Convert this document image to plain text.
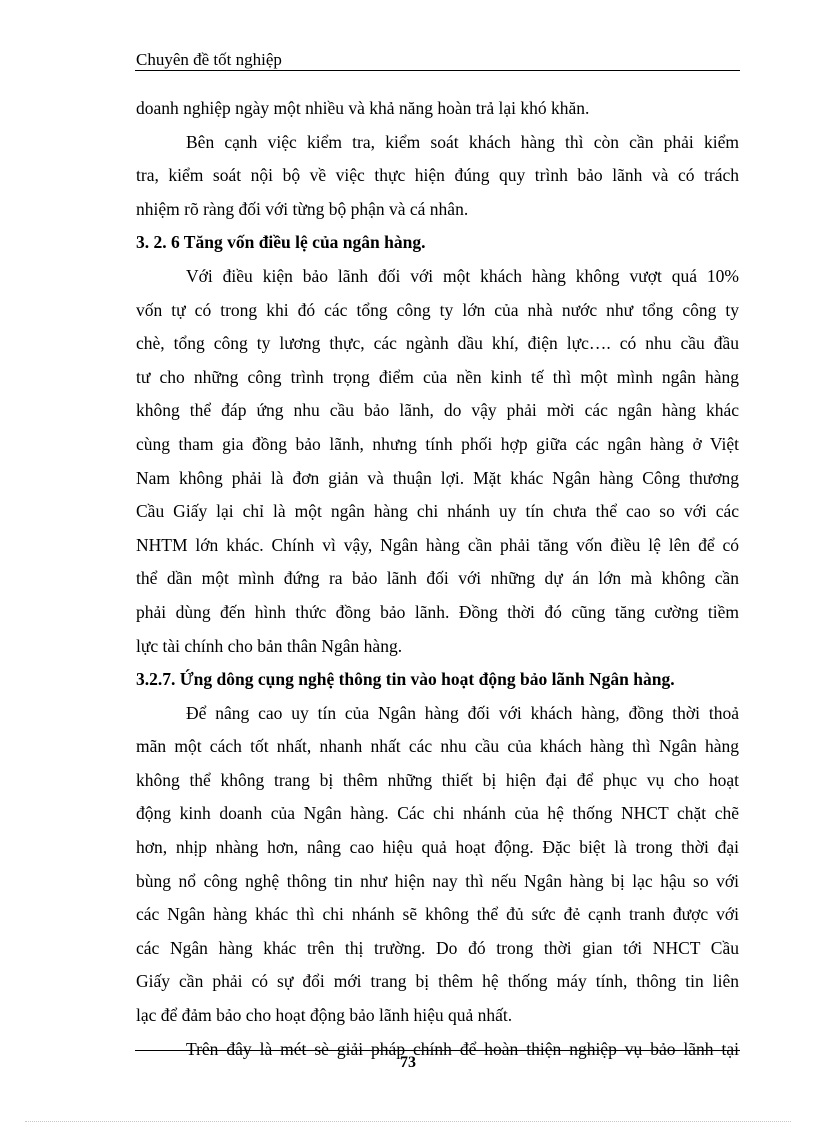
Chuyên đề tốt nghiệp
doanh nghiệp ngày một nhiều và khả năng hoàn trả lại khó khăn.
Bên cạnh việc kiểm tra, kiểm soát khách hàng thì còn cần phải kiểm
tra, kiểm soát nội bộ về việc thực hiện đúng quy trình bảo lãnh và có trách
nhiệm rõ ràng đối với từng bộ phận và cá nhân.
3. 2. 6 Tăng vốn điều lệ của ngân hàng.
Với điều kiện bảo lãnh đối với một khách hàng không vượt quá 10%
vốn tự có trong khi đó các tổng công ty lớn của nhà nước như tổng công ty
chè, tổng công ty lương thực, các ngành dầu khí, điện lực…. có nhu cầu đầu
tư cho những công trình trọng điểm của nền kinh tế thì một mình ngân hàng
không thể đáp ứng nhu cầu bảo lãnh, do vậy phải mời các ngân hàng khác
cùng tham gia đồng bảo lãnh, nhưng tính phối hợp giữa các ngân hàng ở Việt
Nam không phải là đơn giản và thuận lợi. Mặt khác Ngân hàng Công thương
Cầu Giấy lại chỉ là một ngân hàng chi nhánh uy tín chưa thể cao so với các
NHTM lớn khác. Chính vì vậy, Ngân hàng cần phải tăng vốn điều lệ lên để có
thể dần một mình đứng ra bảo lãnh đối với những dự án lớn mà không cần
phải dùng đến hình thức đồng bảo lãnh. Đồng thời đó cũng tăng cường tiềm
lực tài chính cho bản thân Ngân hàng.
3.2.7. Ứng dông cụng nghệ thông tin vào hoạt động bảo lãnh Ngân hàng.
Để nâng cao uy tín của Ngân hàng đối với khách hàng, đồng thời thoả
mãn một cách tốt nhất, nhanh nhất các nhu cầu của khách hàng thì Ngân hàng
không thể không trang bị thêm những thiết bị hiện đại để phục vụ cho hoạt
động kinh doanh của Ngân hàng. Các chi nhánh của hệ thống NHCT chặt chẽ
hơn, nhịp nhàng hơn, nâng cao hiệu quả hoạt động. Đặc biệt là trong thời đại
bùng nổ công nghệ thông tin như hiện nay thì nếu Ngân hàng bị lạc hậu so với
các Ngân hàng khác thì chi nhánh sẽ không thể đủ sức đẻ cạnh tranh được với
các Ngân hàng khác trên thị trường. Do đó trong thời gian tới NHCT Cầu
Giấy cần phải có sự đổi mới trang bị thêm hệ thống máy tính, thông tin liên
lạc để đảm bảo cho hoạt động bảo lãnh hiệu quả nhất.
Trên đây là mét sè giải pháp chính để hoàn thiện nghiệp vụ bảo lãnh tại
73
